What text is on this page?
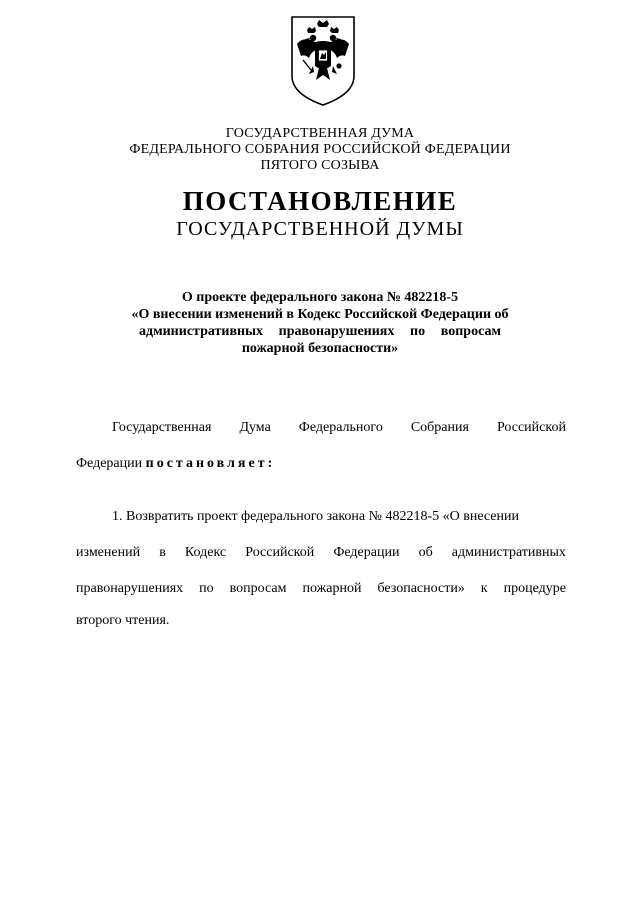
ГОСУДАРСТВЕННАЯ ДУМА
ФЕДЕРАЛЬНОГО СОБРАНИЯ РОССИЙСКОЙ ФЕДЕРАЦИИ
ПЯТОГО СОЗЫВА
ПОСТАНОВЛЕНИЕ
ГОСУДАРСТВЕННОЙ ДУМЫ
О проекте федерального закона № 482218-5
«О внесении изменений в Кодекс Российской Федерации об
административных правонарушениях по вопросам
пожарной безопасности»
Государственная Дума Федерального Собрания Российской
Федерации постановляет:
1. Возвратить проект федерального закона № 482218-5 «О внесении
изменений в Кодекс Российской Федерации об административных
правонарушениях по вопросам пожарной безопасности» к процедуре
второго чтения.
